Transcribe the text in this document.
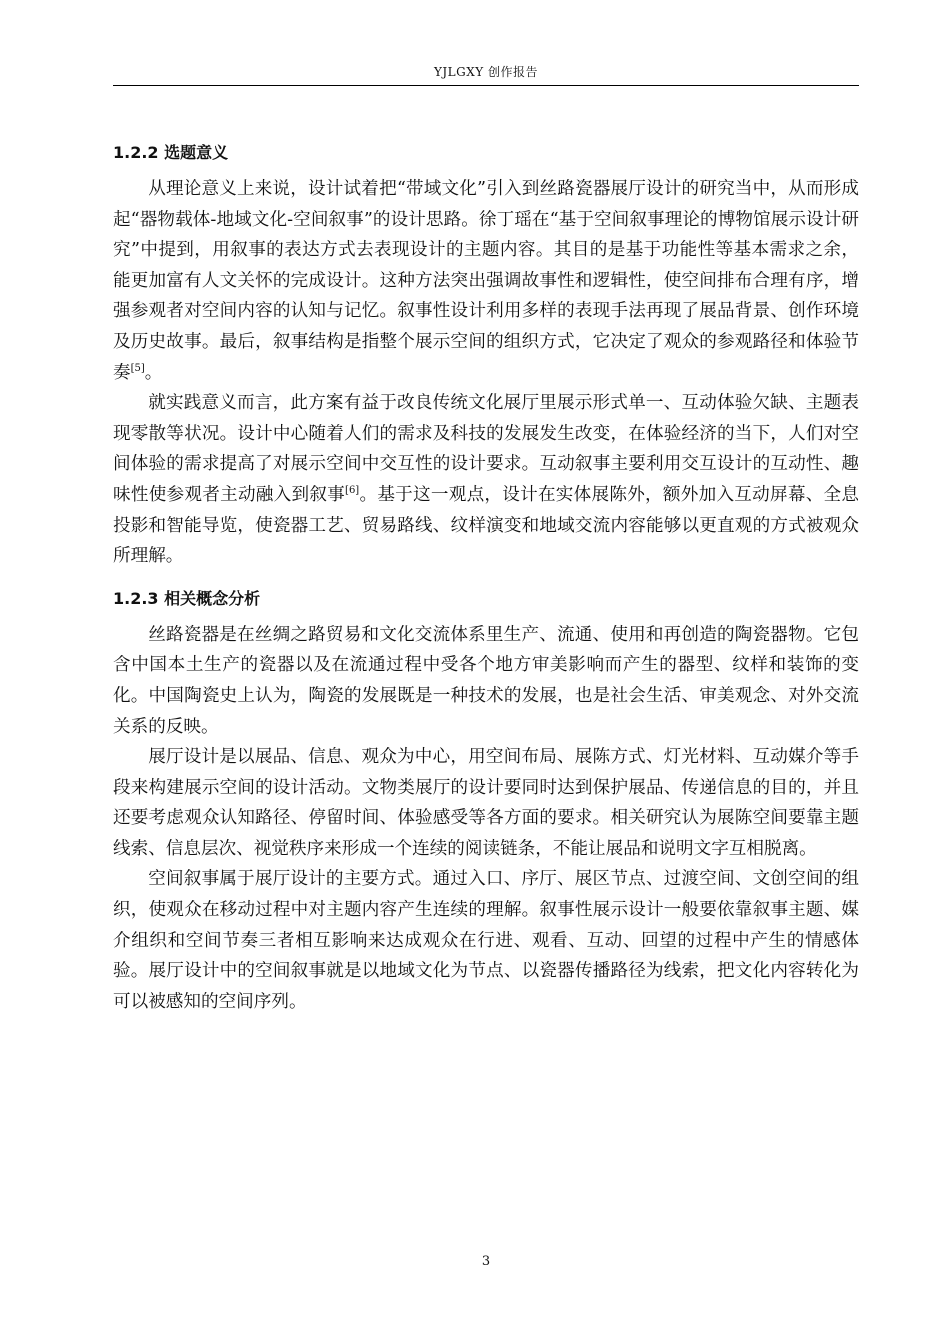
YJLGXY 创作报告
1.2.2 选题意义

从理论意义上来说，设计试着把“带域文化”引入到丝路瓷器展厅设计的研究当中，从而形成起“器物载体-地域文化-空间叙事”的设计思路。徐丁瑶在“基于空间叙事理论的博物馆展示设计研究”中提到，用叙事的表达方式去表现设计的主题内容。其目的是基于功能性等基本需求之余，能更加富有人文关怀的完成设计。这种方法突出强调故事性和逻辑性，使空间排布合理有序，增强参观者对空间内容的认知与记忆。叙事性设计利用多样的表现手法再现了展品背景、创作环境及历史故事。最后，叙事结构是指整个展示空间的组织方式，它决定了观众的参观路径和体验节奏[5]。

就实践意义而言，此方案有益于改良传统文化展厅里展示形式单一、互动体验欠缺、主题表现零散等状况。设计中心随着人们的需求及科技的发展发生改变，在体验经济的当下，人们对空间体验的需求提高了对展示空间中交互性的设计要求。互动叙事主要利用交互设计的互动性、趣味性使参观者主动融入到叙事[6]。基于这一观点，设计在实体展陈外，额外加入互动屏幕、全息投影和智能导览，使瓷器工艺、贸易路线、纹样演变和地域交流内容能够以更直观的方式被观众所理解。

1.2.3 相关概念分析

丝路瓷器是在丝绸之路贸易和文化交流体系里生产、流通、使用和再创造的陶瓷器物。它包含中国本土生产的瓷器以及在流通过程中受各个地方审美影响而产生的器型、纹样和装饰的变化。中国陶瓷史上认为，陶瓷的发展既是一种技术的发展，也是社会生活、审美观念、对外交流关系的反映。

展厅设计是以展品、信息、观众为中心，用空间布局、展陈方式、灯光材料、互动媒介等手段来构建展示空间的设计活动。文物类展厅的设计要同时达到保护展品、传递信息的目的，并且还要考虑观众认知路径、停留时间、体验感受等各方面的要求。相关研究认为展陈空间要靠主题线索、信息层次、视觉秩序来形成一个连续的阅读链条，不能让展品和说明文字互相脱离。

空间叙事属于展厅设计的主要方式。通过入口、序厅、展区节点、过渡空间、文创空间的组织，使观众在移动过程中对主题内容产生连续的理解。叙事性展示设计一般要依靠叙事主题、媒介组织和空间节奏三者相互影响来达成观众在行进、观看、互动、回望的过程中产生的情感体验。展厅设计中的空间叙事就是以地域文化为节点、以瓷器传播路径为线索，把文化内容转化为可以被感知的空间序列。

3
